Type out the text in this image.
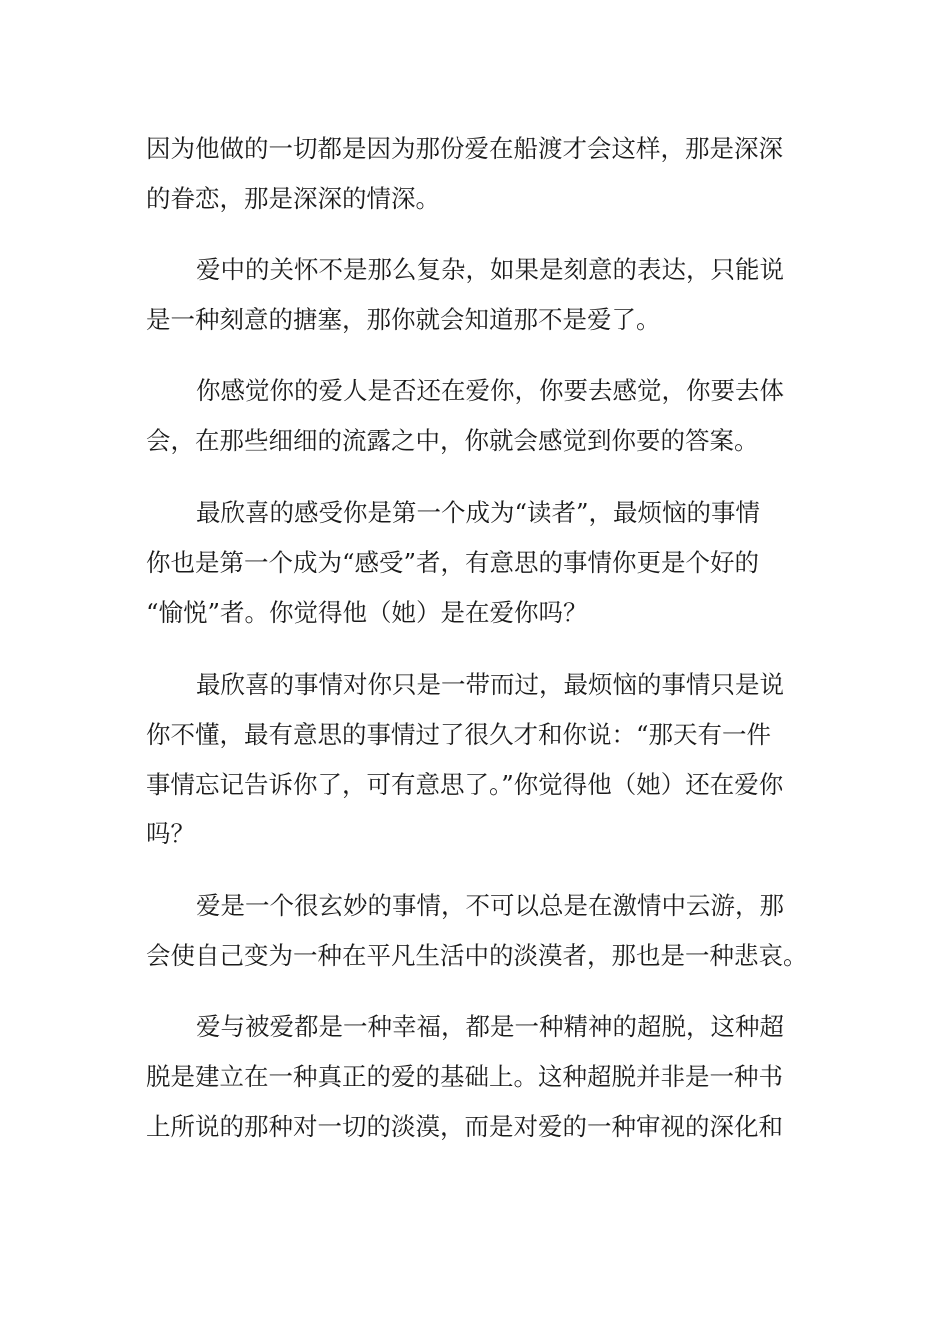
因为他做的一切都是因为那份爱在船渡才会这样，那是深深

的眷恋，那是深深的情深。

爱中的关怀不是那么复杂，如果是刻意的表达，只能说

是一种刻意的搪塞，那你就会知道那不是爱了。

你感觉你的爱人是否还在爱你，你要去感觉，你要去体

会，在那些细细的流露之中，你就会感觉到你要的答案。

最欣喜的感受你是第一个成为“读者”，最烦恼的事情

你也是第一个成为“感受”者，有意思的事情你更是个好的

“愉悦”者。你觉得他（她）是在爱你吗？

最欣喜的事情对你只是一带而过，最烦恼的事情只是说

你不懂，最有意思的事情过了很久才和你说：“那天有一件

事情忘记告诉你了，可有意思了。”你觉得他（她）还在爱你

吗？

爱是一个很玄妙的事情，不可以总是在激情中云游，那

会使自己变为一种在平凡生活中的淡漠者，那也是一种悲哀。

爱与被爱都是一种幸福，都是一种精神的超脱，这种超

脱是建立在一种真正的爱的基础上。这种超脱并非是一种书

上所说的那种对一切的淡漠，而是对爱的一种审视的深化和
